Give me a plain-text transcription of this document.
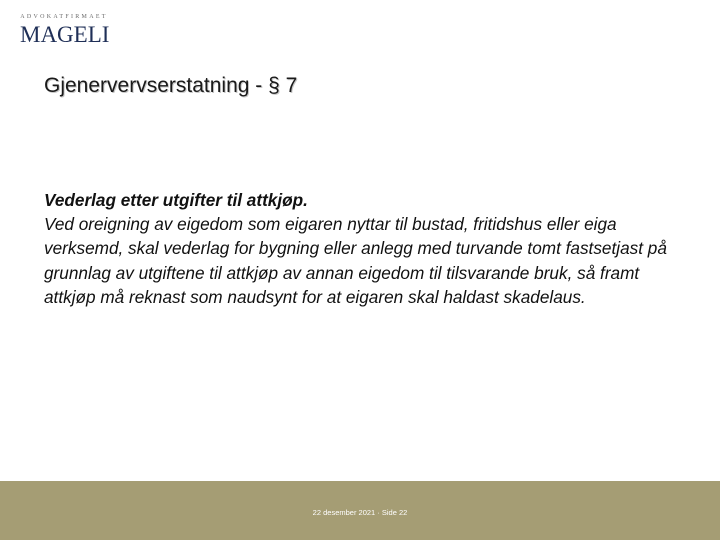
ADVOKATFIRMAET
MAGELI
Gjenervervserstatning - § 7
Vederlag etter utgifter til attkjøp.
Ved oreigning av eigedom som eigaren nyttar til bustad, fritidshus eller eiga verksemd, skal vederlag for bygning eller anlegg med turvande tomt fastsetjast på grunnlag av utgiftene til attkjøp av annan eigedom til tilsvarande bruk, så framt attkjøp må reknast som naudsynt for at eigaren skal haldast skadelaus.
22 desember 2021 · Side 22
